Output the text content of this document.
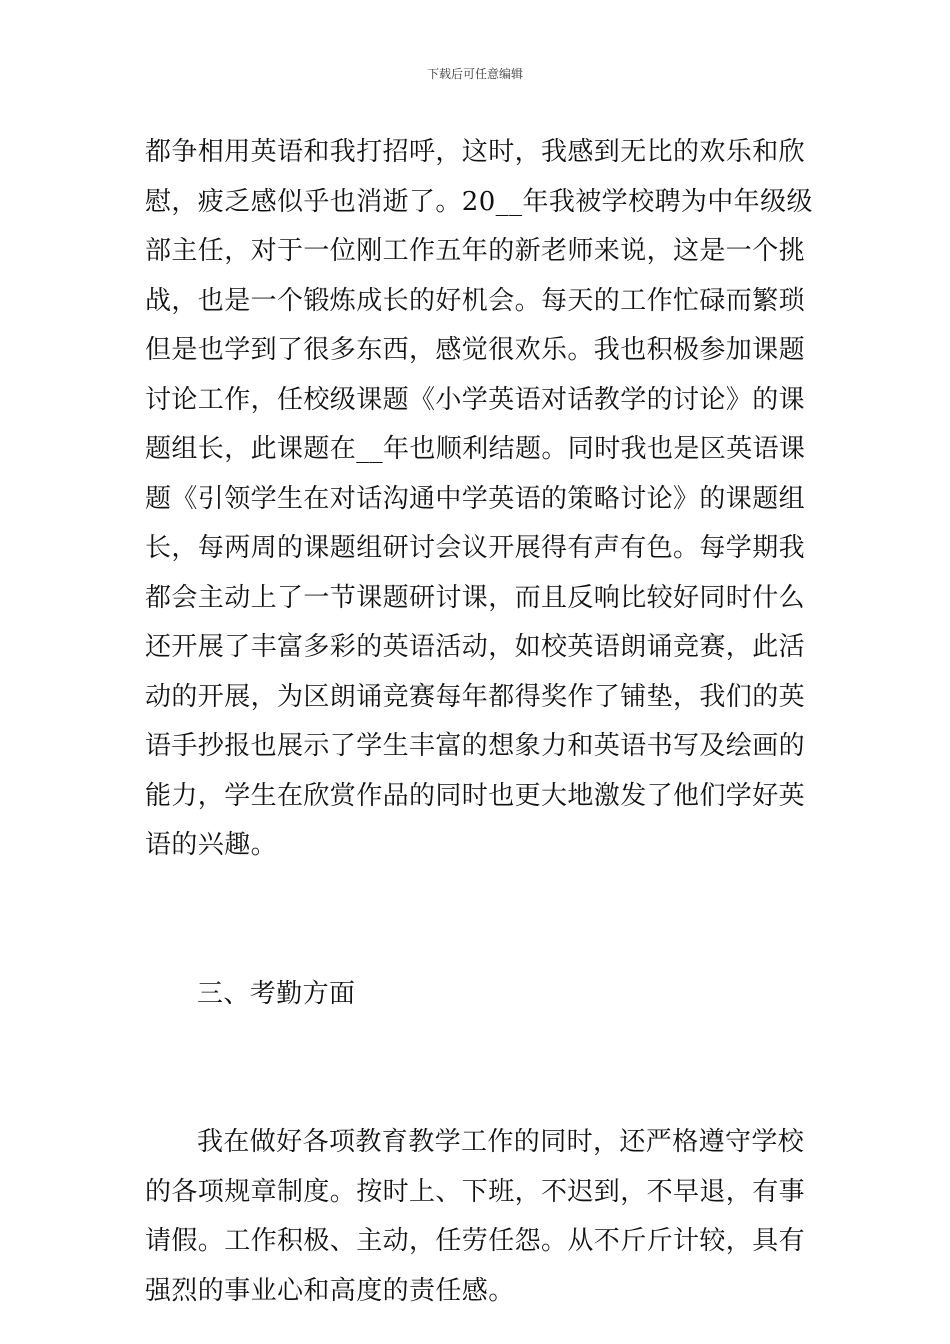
下载后可任意编辑
都争相用英语和我打招呼，这时，我感到无比的欢乐和欣
慰，疲乏感似乎也消逝了。20__年我被学校聘为中年级级
部主任，对于一位刚工作五年的新老师来说，这是一个挑
战，也是一个锻炼成长的好机会。每天的工作忙碌而繁琐
但是也学到了很多东西，感觉很欢乐。我也积极参加课题
讨论工作，任校级课题《小学英语对话教学的讨论》的课
题组长，此课题在__年也顺利结题。同时我也是区英语课
题《引领学生在对话沟通中学英语的策略讨论》的课题组
长，每两周的课题组研讨会议开展得有声有色。每学期我
都会主动上了一节课题研讨课，而且反响比较好同时什么
还开展了丰富多彩的英语活动，如校英语朗诵竞赛，此活
动的开展，为区朗诵竞赛每年都得奖作了铺垫，我们的英
语手抄报也展示了学生丰富的想象力和英语书写及绘画的
能力，学生在欣赏作品的同时也更大地激发了他们学好英
语的兴趣。
三、考勤方面
我在做好各项教育教学工作的同时，还严格遵守学校
的各项规章制度。按时上、下班，不迟到，不早退，有事
请假。工作积极、主动，任劳任怨。从不斤斤计较，具有
强烈的事业心和高度的责任感。
